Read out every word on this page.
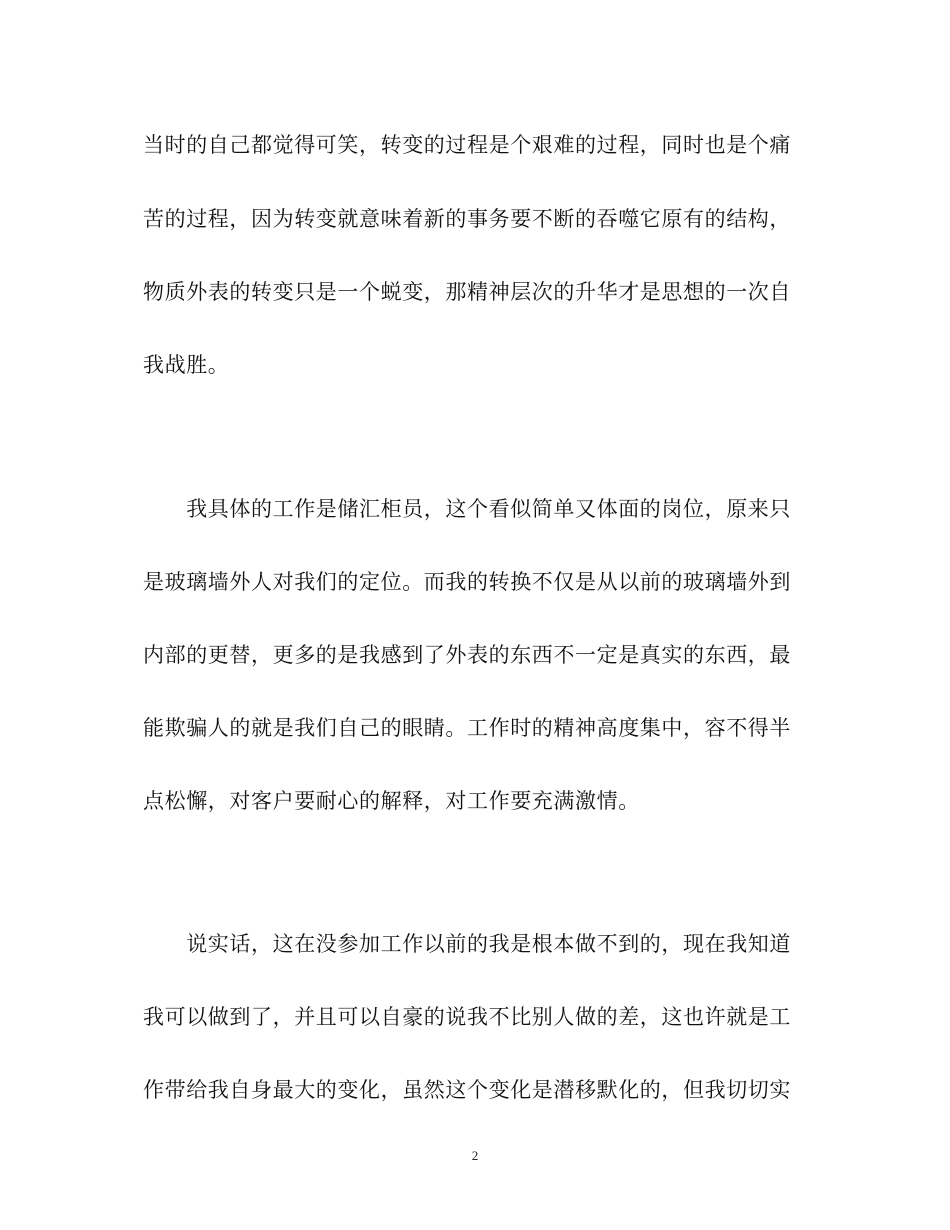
当时的自己都觉得可笑，转变的过程是个艰难的过程，同时也是个痛
苦的过程，因为转变就意味着新的事务要不断的吞噬它原有的结构，
物质外表的转变只是一个蜕变，那精神层次的升华才是思想的一次自
我战胜。
　　我具体的工作是储汇柜员，这个看似简单又体面的岗位，原来只
是玻璃墙外人对我们的定位。而我的转换不仅是从以前的玻璃墙外到
内部的更替，更多的是我感到了外表的东西不一定是真实的东西，最
能欺骗人的就是我们自己的眼睛。工作时的精神高度集中，容不得半
点松懈，对客户要耐心的解释，对工作要充满激情。
　　说实话，这在没参加工作以前的我是根本做不到的，现在我知道
我可以做到了，并且可以自豪的说我不比别人做的差，这也许就是工
作带给我自身最大的变化，虽然这个变化是潜移默化的，但我切切实
2
